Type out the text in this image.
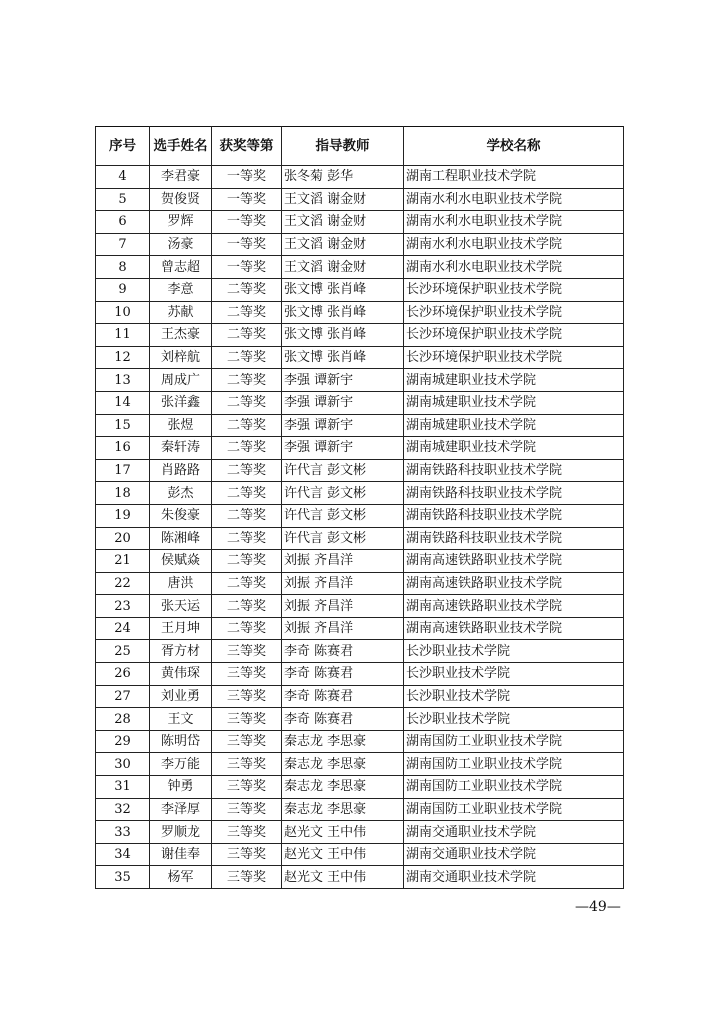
序号	选手姓名	获奖等第	指导教师	学校名称
4	李君豪	一等奖	张冬菊 彭华	湖南工程职业技术学院
5	贺俊贤	一等奖	王文滔 谢金财	湖南水利水电职业技术学院
6	罗辉	一等奖	王文滔 谢金财	湖南水利水电职业技术学院
7	汤豪	一等奖	王文滔 谢金财	湖南水利水电职业技术学院
8	曾志超	一等奖	王文滔 谢金财	湖南水利水电职业技术学院
9	李意	二等奖	张文博 张肖峰	长沙环境保护职业技术学院
10	苏献	二等奖	张文博 张肖峰	长沙环境保护职业技术学院
11	王杰豪	二等奖	张文博 张肖峰	长沙环境保护职业技术学院
12	刘梓航	二等奖	张文博 张肖峰	长沙环境保护职业技术学院
13	周成广	二等奖	李强 谭新宇	湖南城建职业技术学院
14	张洋鑫	二等奖	李强 谭新宇	湖南城建职业技术学院
15	张煜	二等奖	李强 谭新宇	湖南城建职业技术学院
16	秦轩涛	二等奖	李强 谭新宇	湖南城建职业技术学院
17	肖路路	二等奖	许代言 彭文彬	湖南铁路科技职业技术学院
18	彭杰	二等奖	许代言 彭文彬	湖南铁路科技职业技术学院
19	朱俊豪	二等奖	许代言 彭文彬	湖南铁路科技职业技术学院
20	陈湘峰	二等奖	许代言 彭文彬	湖南铁路科技职业技术学院
21	侯赋焱	二等奖	刘振 齐昌洋	湖南高速铁路职业技术学院
22	唐洪	二等奖	刘振 齐昌洋	湖南高速铁路职业技术学院
23	张天运	二等奖	刘振 齐昌洋	湖南高速铁路职业技术学院
24	王月坤	二等奖	刘振 齐昌洋	湖南高速铁路职业技术学院
25	胥方材	三等奖	李奇 陈赛君	长沙职业技术学院
26	黄伟琛	三等奖	李奇 陈赛君	长沙职业技术学院
27	刘业勇	三等奖	李奇 陈赛君	长沙职业技术学院
28	王文	三等奖	李奇 陈赛君	长沙职业技术学院
29	陈明岱	三等奖	秦志龙 李思豪	湖南国防工业职业技术学院
30	李万能	三等奖	秦志龙 李思豪	湖南国防工业职业技术学院
31	钟勇	三等奖	秦志龙 李思豪	湖南国防工业职业技术学院
32	李泽厚	三等奖	秦志龙 李思豪	湖南国防工业职业技术学院
33	罗顺龙	三等奖	赵光文 王中伟	湖南交通职业技术学院
34	谢佳奉	三等奖	赵光文 王中伟	湖南交通职业技术学院
35	杨军	三等奖	赵光文 王中伟	湖南交通职业技术学院
—49—
